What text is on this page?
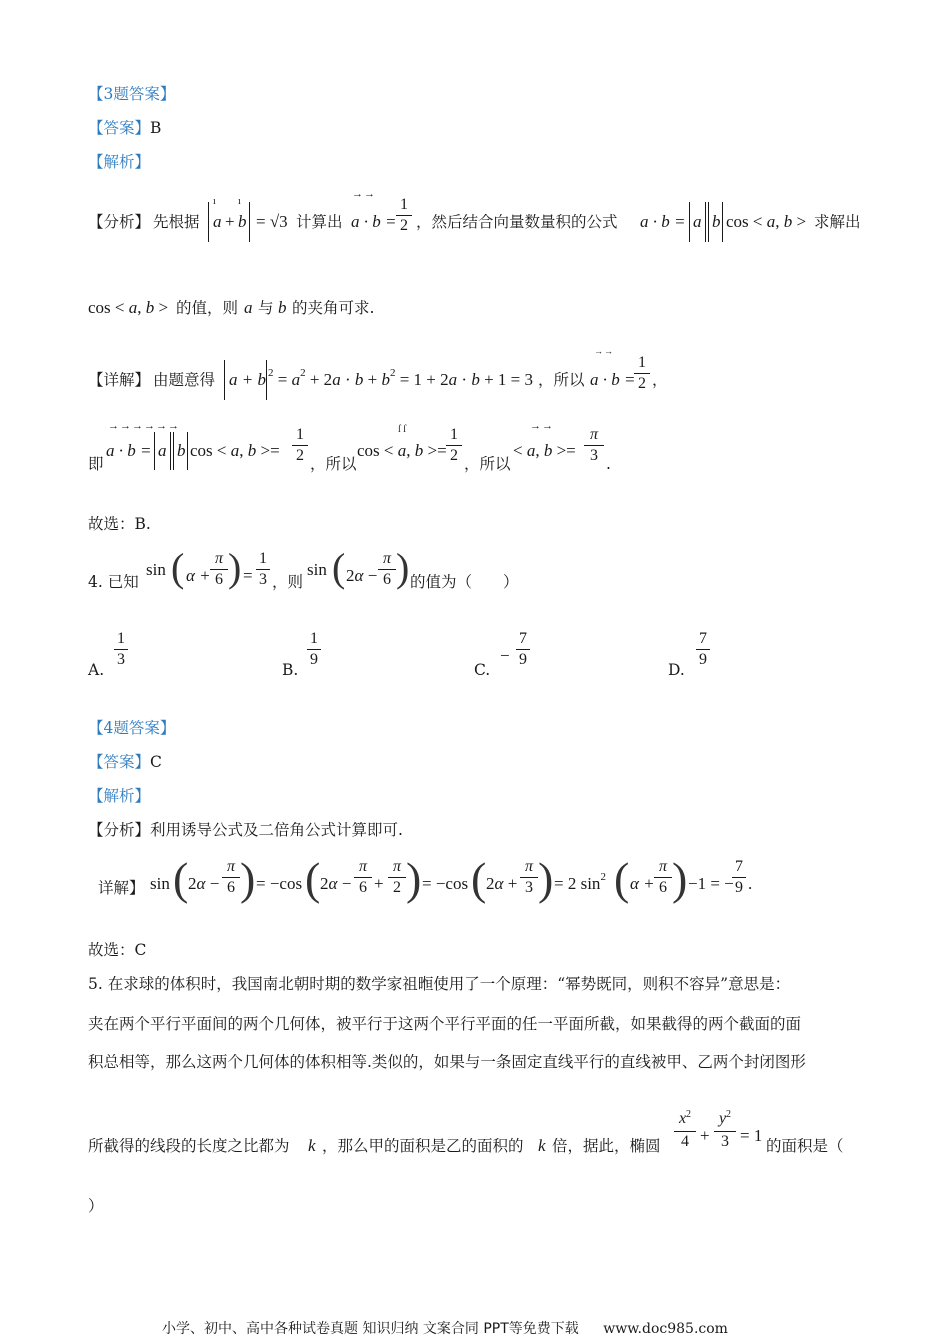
【3题答案】
【答案】B
【解析】
【分析】 先根据 a + b
ı ı
= √3 计算出
→→
a · b =
1
2 ，然后结合向量数量积的公式 a · b = a b cos < a, b > 求解出
cos < a, b > 的值，则 a 与 b 的夹角可求.
【详解】 由题意得 a + b $^2 = a^2 + 2a \cdot b + b^2 = 1 + 2a \cdot b + 1 = 3$ ，所以
→→
a · b =
1
2 ，
即
→→→→→→
a · b = a b cos < a, b >=
1
2 ，所以
cos < a, b >=
ſ ſ	1
2 ，所以
→→
< a, b >=
π
3 .
故选：B.
4. 已知
sin ( α +
π
6 ) =
1
3 ，则
sin ( 2α −
π
6 ) 的值为（　　）
A.
1
3
B.
1
9
C.
−
7
9
D.
7
9
【4题答案】
【答案】C
【解析】
【分析】利用诱导公式及二倍角公式计算即可.
详解】 sin ( 2α −
π
6 ) = −cos ( 2α −
π
6 +
π
2 ) = −cos ( 2α +
π
3 ) = 2 $\sin^2$ ( α +
π
6 ) −1 = −
7
9 .
故选：C
5. 在求球的体积时，我国南北朝时期的数学家祖暅使用了一个原理：“幂势既同，则积不容异”意思是：
夹在两个平行平面间的两个几何体，被平行于这两个平行平面的任一平面所截，如果截得的两个截面的面
积总相等，那么这两个几何体的体积相等.类似的，如果与一条固定直线平行的直线被甲、乙两个封闭图形
所截得的线段的长度之比都为 k ，那么甲的面积是乙的面积的 k 倍，据此，椭圆
$x^2$
4 +
$y^2$
3 = 1
的面积是（
）
小学、初中、高中各种试卷真题 知识归纳 文案合同 PPT等免费下载 www.doc985.com
